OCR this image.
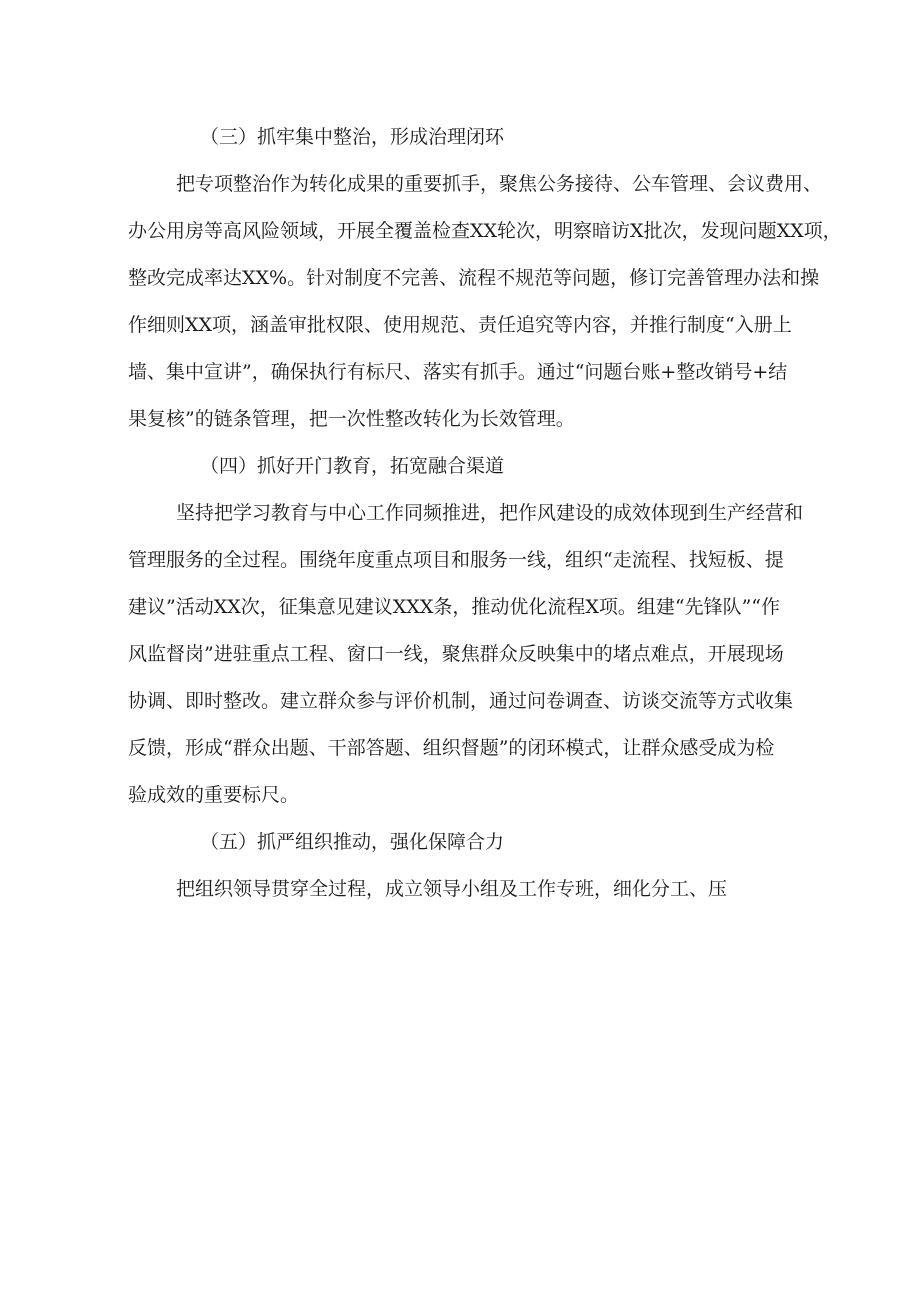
（三）抓牢集中整治，形成治理闭环
把专项整治作为转化成果的重要抓手，聚焦公务接待、公车管理、会议费用、
办公用房等高风险领域，开展全覆盖检查XX轮次，明察暗访X批次，发现问题XX项，
整改完成率达XX%。针对制度不完善、流程不规范等问题，修订完善管理办法和操
作细则XX项，涵盖审批权限、使用规范、责任追究等内容，并推行制度“入册上
墙、集中宣讲”，确保执行有标尺、落实有抓手。通过“问题台账+整改销号+结
果复核”的链条管理，把一次性整改转化为长效管理。
（四）抓好开门教育，拓宽融合渠道
坚持把学习教育与中心工作同频推进，把作风建设的成效体现到生产经营和
管理服务的全过程。围绕年度重点项目和服务一线，组织“走流程、找短板、提
建议”活动XX次，征集意见建议XXX条，推动优化流程X项。组建“先锋队”“作
风监督岗”进驻重点工程、窗口一线，聚焦群众反映集中的堵点难点，开展现场
协调、即时整改。建立群众参与评价机制，通过问卷调查、访谈交流等方式收集
反馈，形成“群众出题、干部答题、组织督题”的闭环模式，让群众感受成为检
验成效的重要标尺。
（五）抓严组织推动，强化保障合力
把组织领导贯穿全过程，成立领导小组及工作专班，细化分工、压
